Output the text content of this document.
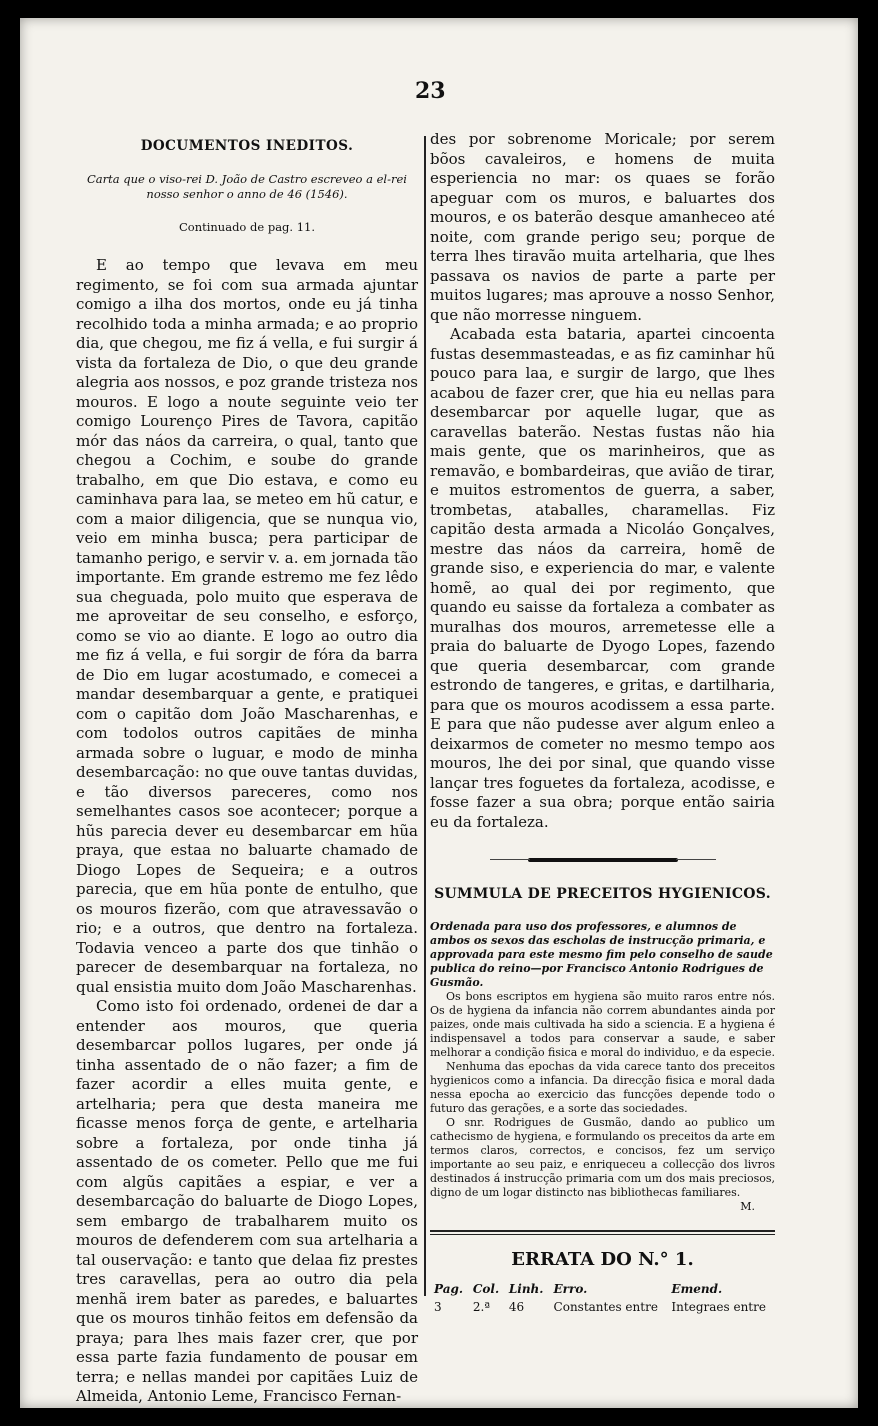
23
DOCUMENTOS INEDITOS.
Carta que o viso-rei D. João de Castro escreveo a el-rei nosso senhor o anno de 46 (1546).
Continuado de pag. 11.

E ao tempo que levava em meu regimento, se foi com sua armada ajuntar comigo a ilha dos mortos, onde eu já tinha recolhido toda a minha armada; e ao proprio dia, que chegou, me fiz á vella, e fui surgir á vista da fortaleza de Dio, o que deu grande alegria aos nossos, e poz grande tristeza nos mouros. E logo a noute seguinte veio ter comigo Lourenço Pires de Tavora, capitão mór das náos da carreira, o qual, tanto que chegou a Cochim, e soube do grande trabalho, em que Dio estava, e como eu caminhava para laa, se meteo em hũ catur, e com a maior diligencia, que se nunqua vio, veio em minha busca; pera participar de tamanho perigo, e servir v. a. em jornada tão importante. Em grande estremo me fez lêdo sua cheguada, polo muito que esperava de me aproveitar de seu conselho, e esforço, como se vio ao diante. E logo ao outro dia me fiz á vella, e fui sorgir de fóra da barra de Dio em lugar acostumado, e comecei a mandar desembarquar a gente, e pratiquei com o capitão dom João Mascharenhas, e com todolos outros capitães de minha armada sobre o luguar, e modo de minha desembarcação: no que ouve tantas duvidas, e tão diversos pareceres, como nos semelhantes casos soe acontecer; porque a hũs parecia dever eu desembarcar em hũa praya, que estaa no baluarte chamado de Diogo Lopes de Sequeira; e a outros parecia, que em hũa ponte de entulho, que os mouros fizerão, com que atravessavão o rio; e a outros, que dentro na fortaleza. Todavia venceo a parte dos que tinhão o parecer de desembarquar na fortaleza, no qual ensistia muito dom João Mascharenhas.

Como isto foi ordenado, ordenei de dar a entender aos mouros, que queria desembarcar pollos lugares, per onde já tinha assentado de o não fazer; a fim de fazer acordir a elles muita gente, e artelharia; pera que desta maneira me ficasse menos força de gente, e artelharia sobre a fortaleza, por onde tinha já assentado de os cometer. Pello que me fui com algũs capitães a espiar, e ver a desembarcação do baluarte de Diogo Lopes, sem embargo de trabalharem muito os mouros de defenderem com sua artelharia a tal ouservação: e tanto que delaa fiz prestes tres caravellas, pera ao outro dia pela menhã irem bater as paredes, e baluartes que os mouros tinhão feitos em defensão da praya; para lhes mais fazer crer, que por essa parte fazia fundamento de pousar em terra; e nellas mandei por capitães Luiz de Almeida, Antonio Leme, Francisco Fernan-

des por sobrenome Moricale; por serem bõos cavaleiros, e homens de muita esperiencia no mar: os quaes se forão apeguar com os muros, e baluartes dos mouros, e os baterão desque amanheceo até noite, com grande perigo seu; porque de terra lhes tiravão muita artelharia, que lhes passava os navios de parte a parte per muitos lugares; mas aprouve a nosso Senhor, que não morresse ninguem.

Acabada esta bataria, apartei cincoenta fustas desemmasteadas, e as fiz caminhar hũ pouco para laa, e surgir de largo, que lhes acabou de fazer crer, que hia eu nellas para desembarcar por aquelle lugar, que as caravellas baterão. Nestas fustas não hia mais gente, que os marinheiros, que as remavão, e bombardeiras, que avião de tirar, e muitos estromentos de guerra, a saber, trombetas, ataballes, charamellas. Fiz capitão desta armada a Nicoláo Gonçalves, mestre das náos da carreira, homẽ de grande siso, e experiencia do mar, e valente homẽ, ao qual dei por regimento, que quando eu saisse da fortaleza a combater as muralhas dos mouros, arremetesse elle a praia do baluarte de Dyogo Lopes, fazendo que queria desembarcar, com grande estrondo de tangeres, e gritas, e dartilharia, para que os mouros acodissem a essa parte. E para que não pudesse aver algum enleo a deixarmos de cometer no mesmo tempo aos mouros, lhe dei por sinal, que quando visse lançar tres foguetes da fortaleza, acodisse, e fosse fazer a sua obra; porque então sairia eu da fortaleza.

SUMMULA DE PRECEITOS HYGIENICOS.

Ordenada para uso dos professores, e alumnos de ambos os sexos das escholas de instrucção primaria, e approvada para este mesmo fim pelo conselho de saude publica do reino—por Francisco Antonio Rodrigues de Gusmão.

Os bons escriptos em hygiena são muito raros entre nós. Os de hygiena da infancia não correm abundantes ainda por paizes, onde mais cultivada ha sido a sciencia. E a hygiena é indispensavel a todos para conservar a saude, e saber melhorar a condição fisica e moral do individuo, e da especie.

Nenhuma das epochas da vida carece tanto dos preceitos hygienicos como a infancia. Da direcção fisica e moral dada nessa epocha ao exercicio das funcções depende todo o futuro das gerações, e a sorte das sociedades.

O snr. Rodrigues de Gusmão, dando ao publico um cathecismo de hygiena, e formulando os preceitos da arte em termos claros, correctos, e concisos, fez um serviço importante ao seu paiz, e enriqueceu a collecção dos livros destinados á instrucção primaria com um dos mais preciosos, digno de um logar distincto nas bibliothecas familiares.

M.

ERRATA DO N.° 1.
Pag.	Col.	Linh.	Erro.	Emend.
3	2.ª	46	Constantes entre	Integraes entre
